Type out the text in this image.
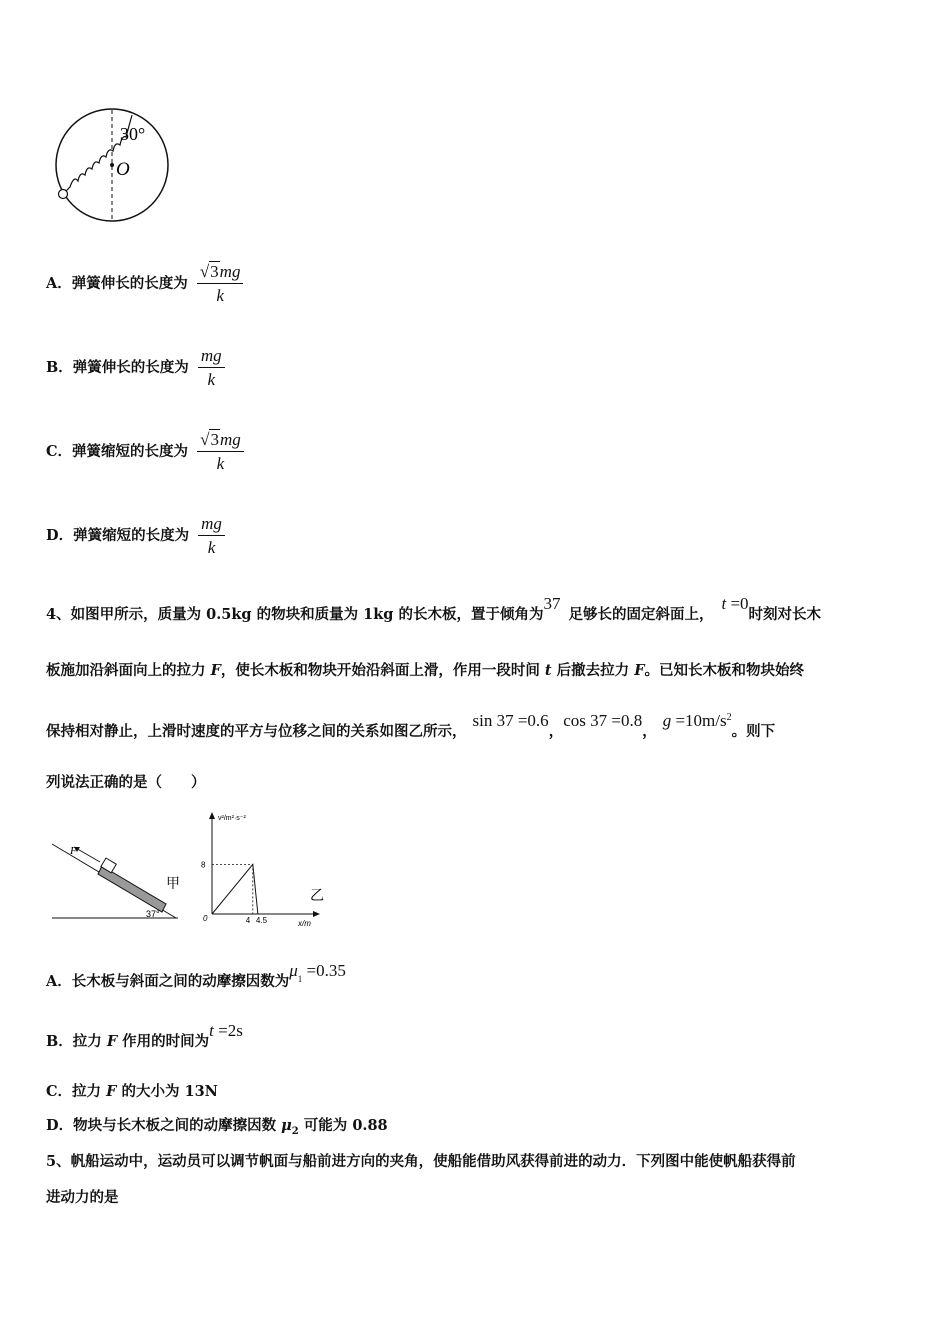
30°
O
A．弹簧伸长的长度为 $\frac{√3mg}{k}$
B．弹簧伸长的长度为 $\frac{mg}{k}$
C．弹簧缩短的长度为 $\frac{√3mg}{k}$
D．弹簧缩短的长度为 $\frac{mg}{k}$
4、如图甲所示，质量为 0.5kg 的物块和质量为 1kg 的长木板，置于倾角为37足够长的固定斜面上，t =0时刻对长木
板施加沿斜面向上的拉力 F，使长木板和物块开始沿斜面上滑，作用一段时间 t 后撤去拉力 F。已知长木板和物块始终
保持相对静止，上滑时速度的平方与位移之间的关系如图乙所示，sin 37 =0.6，cos 37 =0.8，$g =10m/s^2$。则下
列说法正确的是（　　）
F
37°
甲
v²/m²·s⁻²
x/m
0
8
4 4.5
乙
A．长木板与斜面之间的动摩擦因数为$\mu_1 =0.35$
B．拉力 F 作用的时间为t =2s
C．拉力 F 的大小为 13N
D．物块与长木板之间的动摩擦因数 $\mu_2$ 可能为 0.88
5、帆船运动中，运动员可以调节帆面与船前进方向的夹角，使船能借助风获得前进的动力．下列图中能使帆船获得前
进动力的是
